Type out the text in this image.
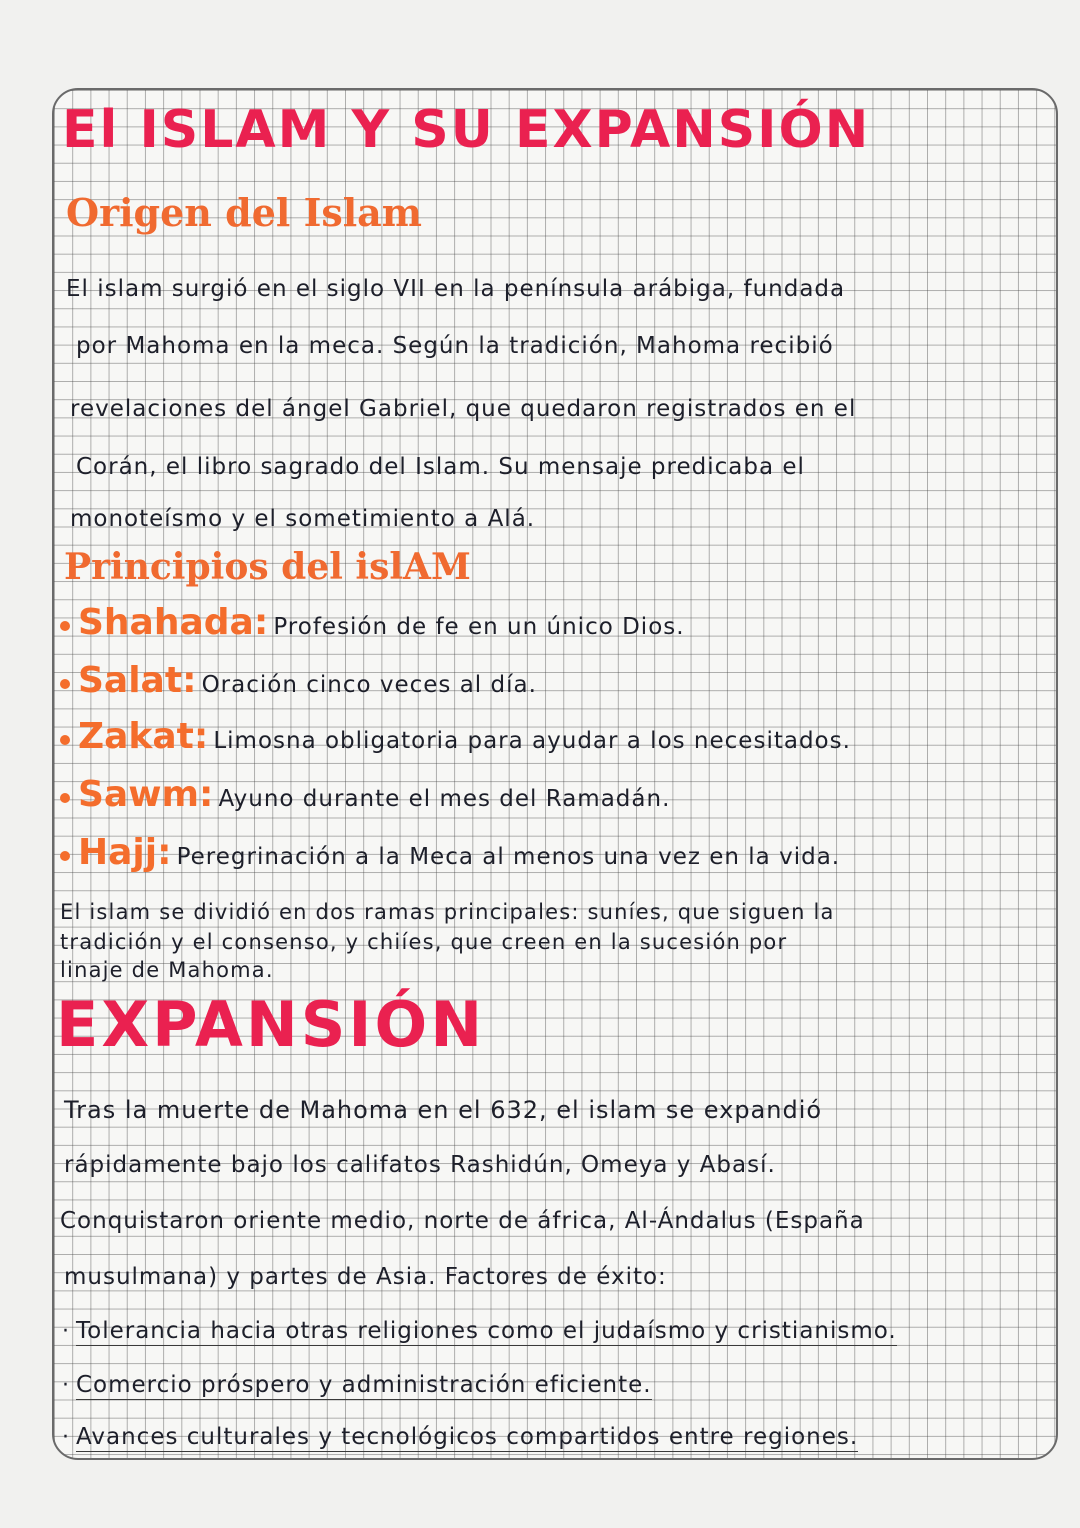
El ISLAM Y SU EXPANSIÓN
Origen del Islam
El islam surgió en el siglo VII en la península arábiga, fundada
por Mahoma en la meca. Según la tradición, Mahoma recibió
revelaciones del ángel Gabriel, que quedaron registrados en el
Corán, el libro sagrado del Islam. Su mensaje predicaba el
monoteísmo y el sometimiento a Alá.
Principios del islAM
Shahada: Profesión de fe en un único Dios.
Salat: Oración cinco veces al día.
Zakat: Limosna obligatoria para ayudar a los necesitados.
Sawm: Ayuno durante el mes del Ramadán.
Hajj: Peregrinación a la Meca al menos una vez en la vida.
El islam se dividió en dos ramas principales: suníes, que siguen la
tradición y el consenso, y chiíes, que creen en la sucesión por
linaje de Mahoma.
EXPANSIÓN
Tras la muerte de Mahoma en el 632, el islam se expandió
rápidamente bajo los califatos Rashidún, Omeya y Abasí.
Conquistaron oriente medio, norte de áfrica, Al-Ándalus (España
musulmana) y partes de Asia. Factores de éxito:
· Tolerancia hacia otras religiones como el judaísmo y cristianismo.
· Comercio próspero y administración eficiente.
· Avances culturales y tecnológicos compartidos entre regiones.
